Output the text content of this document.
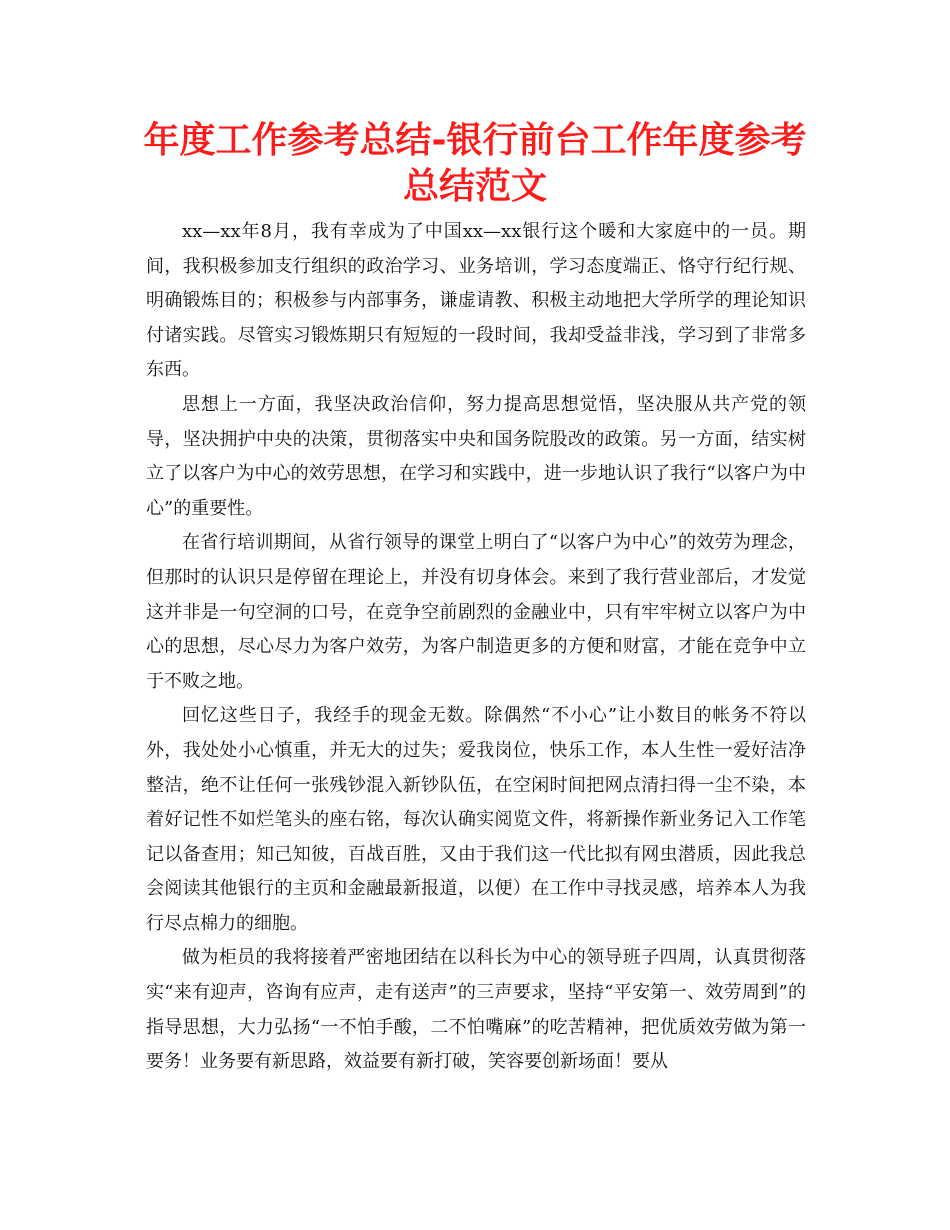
年度工作参考总结-银行前台工作年度参考总结范文

xx—xx年8月，我有幸成为了中国xx—xx银行这个暖和大家庭中的一员。期间，我积极参加支行组织的政治学习、业务培训，学习态度端正、恪守行纪行规、明确锻炼目的；积极参与内部事务，谦虚请教、积极主动地把大学所学的理论知识付诸实践。尽管实习锻炼期只有短短的一段时间，我却受益非浅，学习到了非常多东西。

思想上一方面，我坚决政治信仰，努力提高思想觉悟，坚决服从共产党的领导，坚决拥护中央的决策，贯彻落实中央和国务院股改的政策。另一方面，结实树立了以客户为中心的效劳思想，在学习和实践中，进一步地认识了我行“以客户为中心”的重要性。

在省行培训期间，从省行领导的课堂上明白了“以客户为中心”的效劳为理念，但那时的认识只是停留在理论上，并没有切身体会。来到了我行营业部后，才发觉这并非是一句空洞的口号，在竞争空前剧烈的金融业中，只有牢牢树立以客户为中心的思想，尽心尽力为客户效劳，为客户制造更多的方便和财富，才能在竞争中立于不败之地。

回忆这些日子，我经手的现金无数。除偶然“不小心”让小数目的帐务不符以外，我处处小心慎重，并无大的过失；爱我岗位，快乐工作，本人生性一爱好洁净整洁，绝不让任何一张残钞混入新钞队伍，在空闲时间把网点清扫得一尘不染，本着好记性不如烂笔头的座右铭，每次认确实阅览文件，将新操作新业务记入工作笔记以备查用；知己知彼，百战百胜，又由于我们这一代比拟有网虫潜质，因此我总会阅读其他银行的主页和金融最新报道，以便）在工作中寻找灵感，培养本人为我行尽点棉力的细胞。

做为柜员的我将接着严密地团结在以科长为中心的领导班子四周，认真贯彻落实“来有迎声，咨询有应声，走有送声”的三声要求，坚持“平安第一、效劳周到”的指导思想，大力弘扬“一不怕手酸，二不怕嘴麻”的吃苦精神，把优质效劳做为第一要务！业务要有新思路，效益要有新打破，笑容要创新场面！要从
